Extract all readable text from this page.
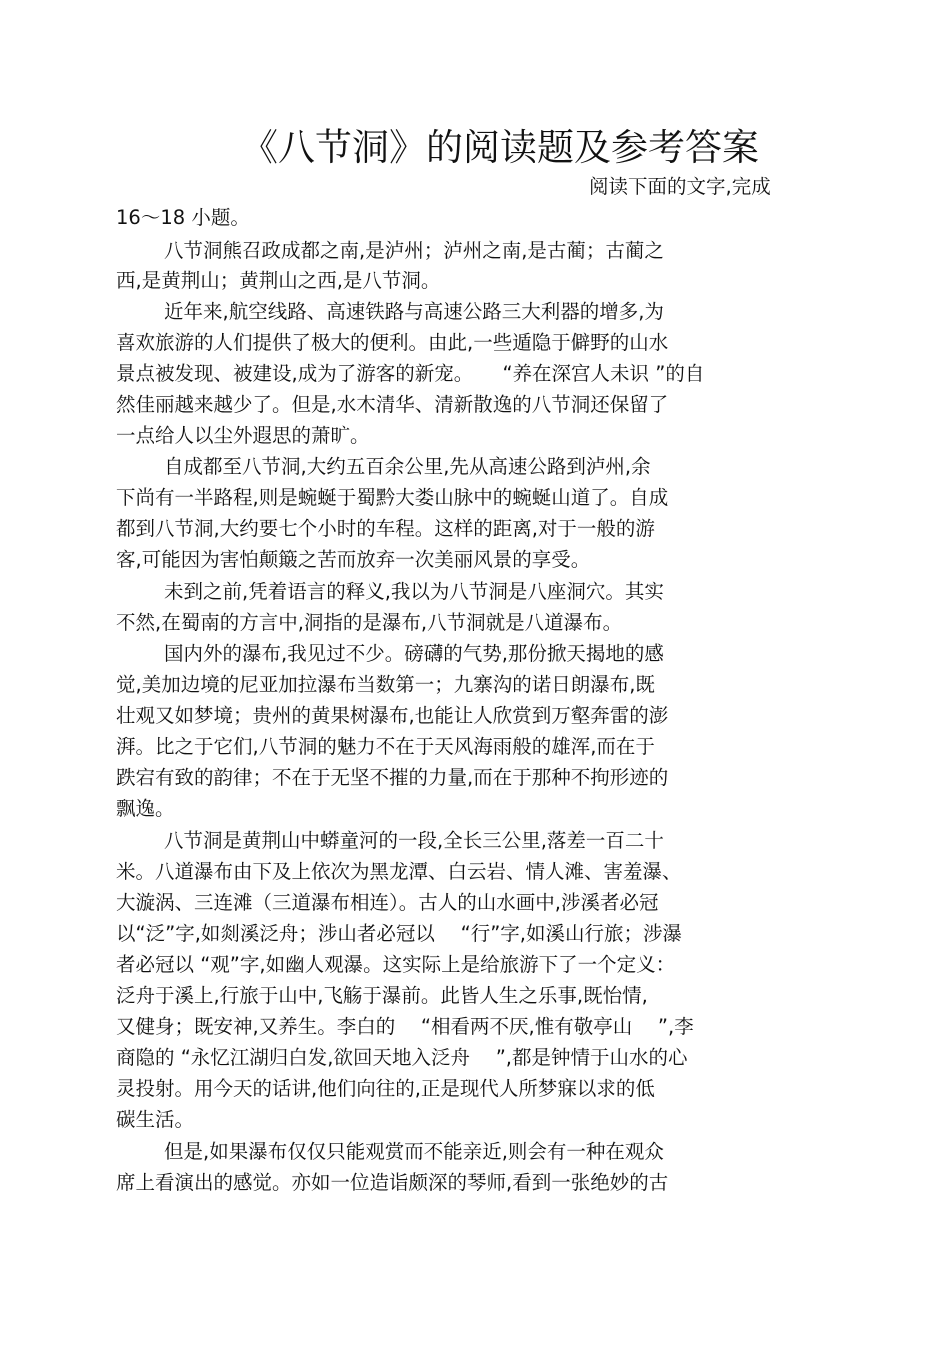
《八节洞》的阅读题及参考答案
阅读下面的文字,完成
16～18 小题。
八节洞熊召政成都之南,是泸州；泸州之南,是古蔺；古蔺之
西,是黄荆山；黄荆山之西,是八节洞。
近年来,航空线路、高速铁路与高速公路三大利器的增多,为
喜欢旅游的人们提供了极大的便利。由此,一些遁隐于僻野的山水
景点被发现、被建设,成为了游客的新宠。　　“养在深宫人未识 ”的自
然佳丽越来越少了。但是,水木清华、清新散逸的八节洞还保留了
一点给人以尘外遐思的萧旷。
自成都至八节洞,大约五百余公里,先从高速公路到泸州,余
下尚有一半路程,则是蜿蜒于蜀黔大娄山脉中的蜿蜒山道了。自成
都到八节洞,大约要七个小时的车程。这样的距离,对于一般的游
客,可能因为害怕颠簸之苦而放弃一次美丽风景的享受。
未到之前,凭着语言的释义,我以为八节洞是八座洞穴。其实
不然,在蜀南的方言中,洞指的是瀑布,八节洞就是八道瀑布。
国内外的瀑布,我见过不少。磅礴的气势,那份掀天揭地的感
觉,美加边境的尼亚加拉瀑布当数第一；九寨沟的诺日朗瀑布,既
壮观又如梦境；贵州的黄果树瀑布,也能让人欣赏到万壑奔雷的澎
湃。比之于它们,八节洞的魅力不在于天风海雨般的雄浑,而在于
跌宕有致的韵律；不在于无坚不摧的力量,而在于那种不拘形迹的
飘逸。
八节洞是黄荆山中蟒童河的一段,全长三公里,落差一百二十
米。八道瀑布由下及上依次为黑龙潭、白云岩、情人滩、害羞瀑、
大漩涡、三连滩（三道瀑布相连）。古人的山水画中,涉溪者必冠
以“泛”字,如剡溪泛舟；涉山者必冠以　 “行”字,如溪山行旅；涉瀑
者必冠以 “观”字,如幽人观瀑。这实际上是给旅游下了一个定义：
泛舟于溪上,行旅于山中,飞觞于瀑前。此皆人生之乐事,既怡情,
又健身；既安神,又养生。李白的　 “相看两不厌,惟有敬亭山　 ”,李
商隐的 “永忆江湖归白发,欲回天地入泛舟　 ”,都是钟情于山水的心
灵投射。用今天的话讲,他们向往的,正是现代人所梦寐以求的低
碳生活。
但是,如果瀑布仅仅只能观赏而不能亲近,则会有一种在观众
席上看演出的感觉。亦如一位造诣颇深的琴师,看到一张绝妙的古
